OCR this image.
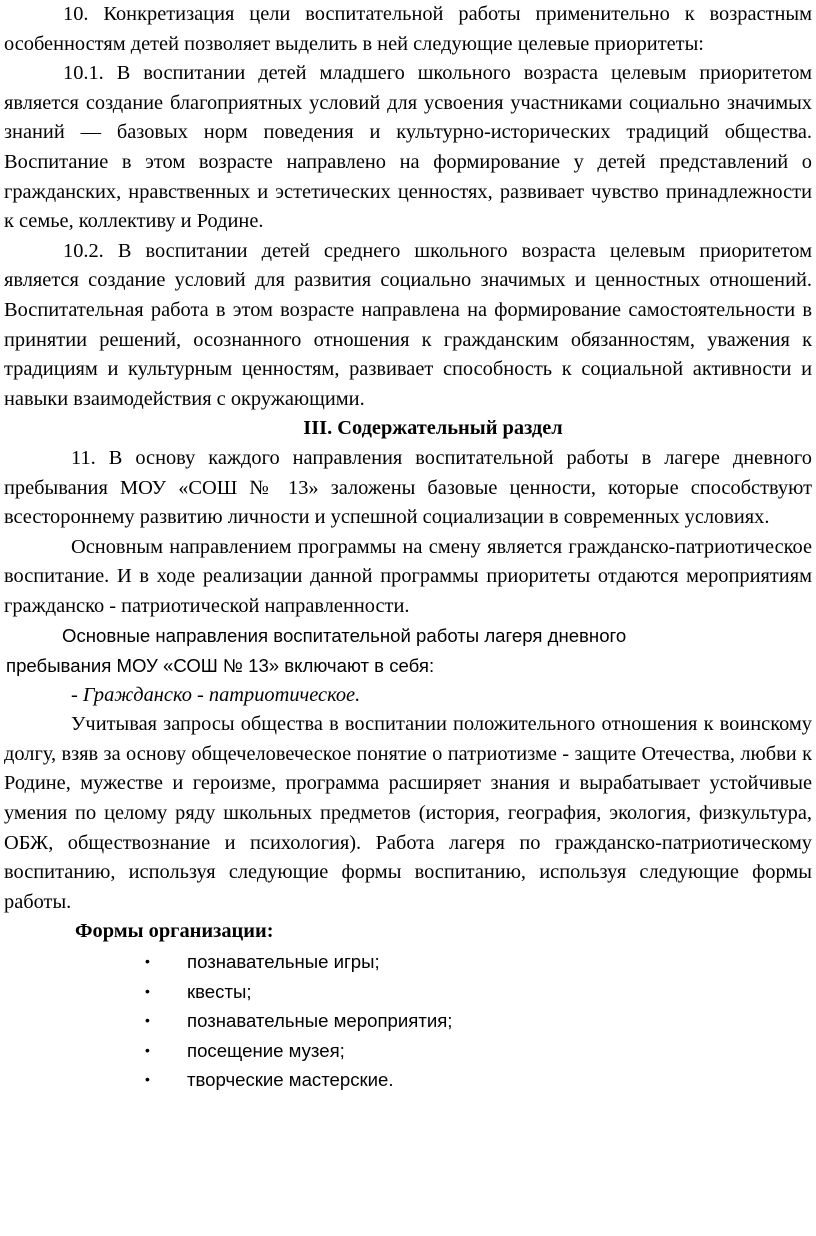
10. Конкретизация цели воспитательной работы применительно к возрастным особенностям детей позволяет выделить в ней следующие целевые приоритеты:

10.1. В воспитании детей младшего школьного возраста целевым приоритетом является создание благоприятных условий для усвоения участниками социально значимых знаний — базовых норм поведения и культурно-исторических традиций общества. Воспитание в этом возрасте направлено на формирование у детей представлений о гражданских, нравственных и эстетических ценностях, развивает чувство принадлежности к семье, коллективу и Родине.

10.2. В воспитании детей среднего школьного возраста целевым приоритетом является создание условий для развития социально значимых и ценностных отношений. Воспитательная работа в этом возрасте направлена на формирование самостоятельности в принятии решений, осознанного отношения к гражданским обязанностям, уважения к традициям и культурным ценностям, развивает способность к социальной активности и навыки взаимодействия с окружающими.

III. Содержательный раздел

11. В основу каждого направления воспитательной работы в лагере дневного пребывания МОУ «СОШ № 13» заложены базовые ценности, которые способствуют всестороннему развитию личности и успешной социализации в современных условиях.

Основным направлением программы на смену является гражданско-патриотическое воспитание. И в ходе реализации данной программы приоритеты отдаются мероприятиям гражданско - патриотической направленности.

Основные направления воспитательной работы лагеря дневного

пребывания МОУ «СОШ № 13» включают в себя:

- Гражданско - патриотическое.

Учитывая запросы общества в воспитании положительного отношения к воинскому долгу, взяв за основу общечеловеческое понятие о патриотизме - защите Отечества, любви к Родине, мужестве и героизме, программа расширяет знания и вырабатывает устойчивые умения по целому ряду школьных предметов (история, география, экология, физкультура, ОБЖ, обществознание и психология). Работа лагеря по гражданско-патриотическому воспитанию, используя следующие формы воспитанию, используя следующие формы работы.

Формы организации:

• познавательные игры;
• квесты;
• познавательные мероприятия;
• посещение музея;
• творческие мастерские.
